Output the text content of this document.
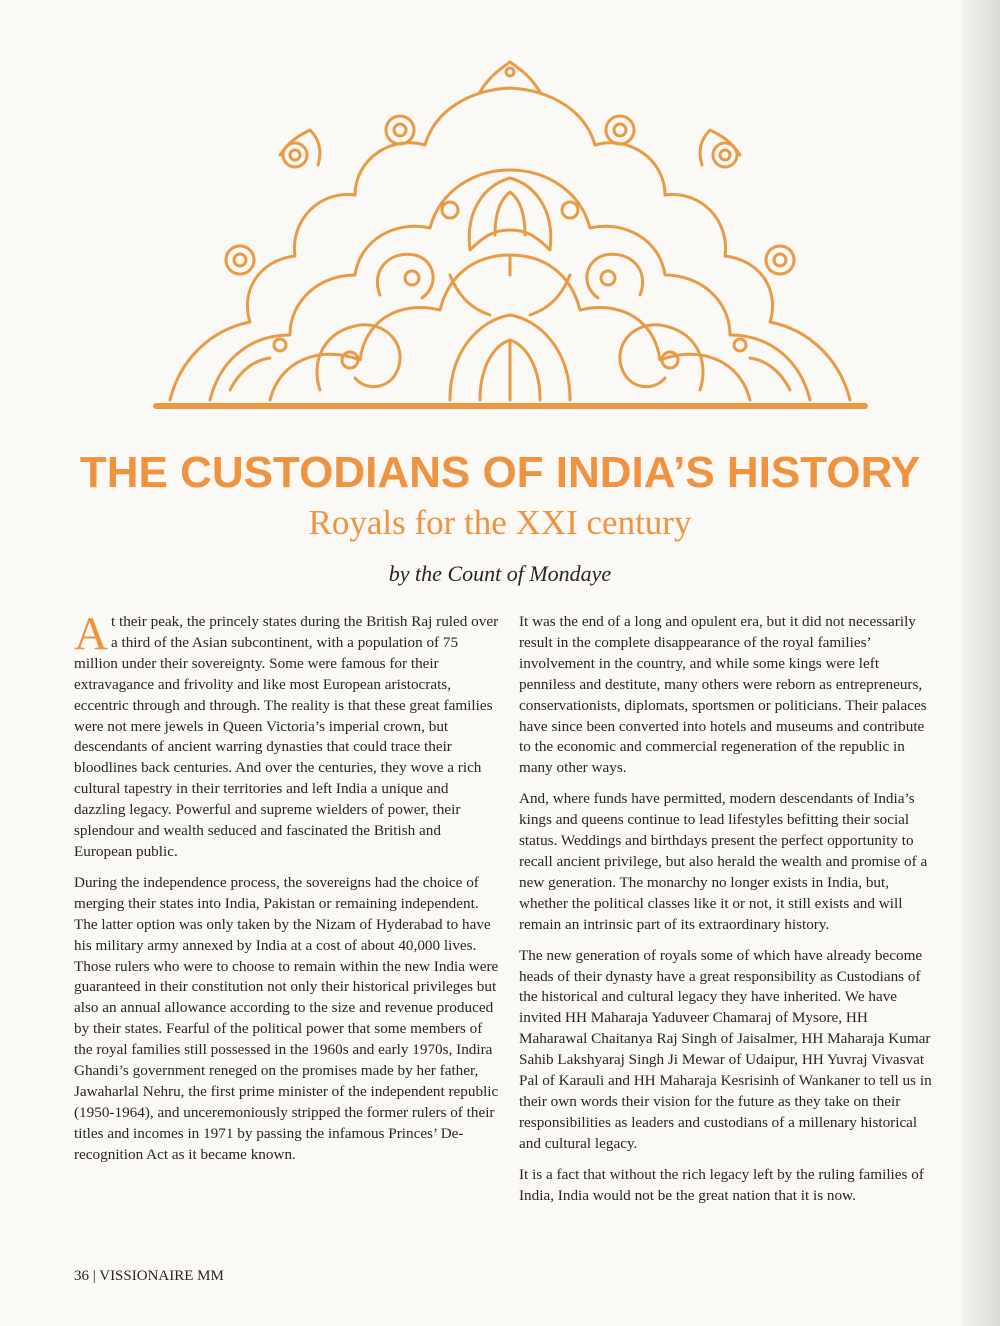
THE CUSTODIANS OF INDIA’S HISTORY
Royals for the XXI century

by the Count of Mondaye

At their peak, the princely states during the British Raj ruled over a third of the Asian subcontinent, with a population of 75 million under their sovereignty. Some were famous for their extravagance and frivolity and like most European aristocrats, eccentric through and through. The reality is that these great families were not mere jewels in Queen Victoria’s imperial crown, but descendants of ancient warring dynasties that could trace their bloodlines back centuries. And over the centuries, they wove a rich cultural tapestry in their territories and left India a unique and dazzling legacy. Powerful and supreme wielders of power, their splendour and wealth seduced and fascinated the British and European public.

During the independence process, the sovereigns had the choice of merging their states into India, Pakistan or remaining independent. The latter option was only taken by the Nizam of Hyderabad to have his military army annexed by India at a cost of about 40,000 lives. Those rulers who were to choose to remain within the new India were guaranteed in their constitution not only their historical privileges but also an annual allowance according to the size and revenue produced by their states. Fearful of the political power that some members of the royal families still possessed in the 1960s and early 1970s, Indira Ghandi’s government reneged on the promises made by her father, Jawaharlal Nehru, the first prime minister of the independent republic (1950-1964), and unceremoniously stripped the former rulers of their titles and incomes in 1971 by passing the infamous Princes’ De-recognition Act as it became known.

It was the end of a long and opulent era, but it did not necessarily result in the complete disappearance of the royal families’ involvement in the country, and while some kings were left penniless and destitute, many others were reborn as entrepreneurs, conservationists, diplomats, sportsmen or politicians. Their palaces have since been converted into hotels and museums and contribute to the economic and commercial regeneration of the republic in many other ways.

And, where funds have permitted, modern descendants of India’s kings and queens continue to lead lifestyles befitting their social status. Weddings and birthdays present the perfect opportunity to recall ancient privilege, but also herald the wealth and promise of a new generation. The monarchy no longer exists in India, but, whether the political classes like it or not, it still exists and will remain an intrinsic part of its extraordinary history.

The new generation of royals some of which have already become heads of their dynasty have a great responsibility as Custodians of the historical and cultural legacy they have inherited. We have invited HH Maharaja Yaduveer Chamaraj of Mysore, HH Maharawal Chaitanya Raj Singh of Jaisalmer, HH Maharaja Kumar Sahib Lakshyaraj Singh Ji Mewar of Udaipur, HH Yuvraj Vivasvat Pal of Karauli and HH Maharaja Kesrisinh of Wankaner to tell us in their own words their vision for the future as they take on their responsibilities as leaders and custodians of a millenary historical and cultural legacy.

It is a fact that without the rich legacy left by the ruling families of India, India would not be the great nation that it is now.

36 | VISSIONAIRE MM
